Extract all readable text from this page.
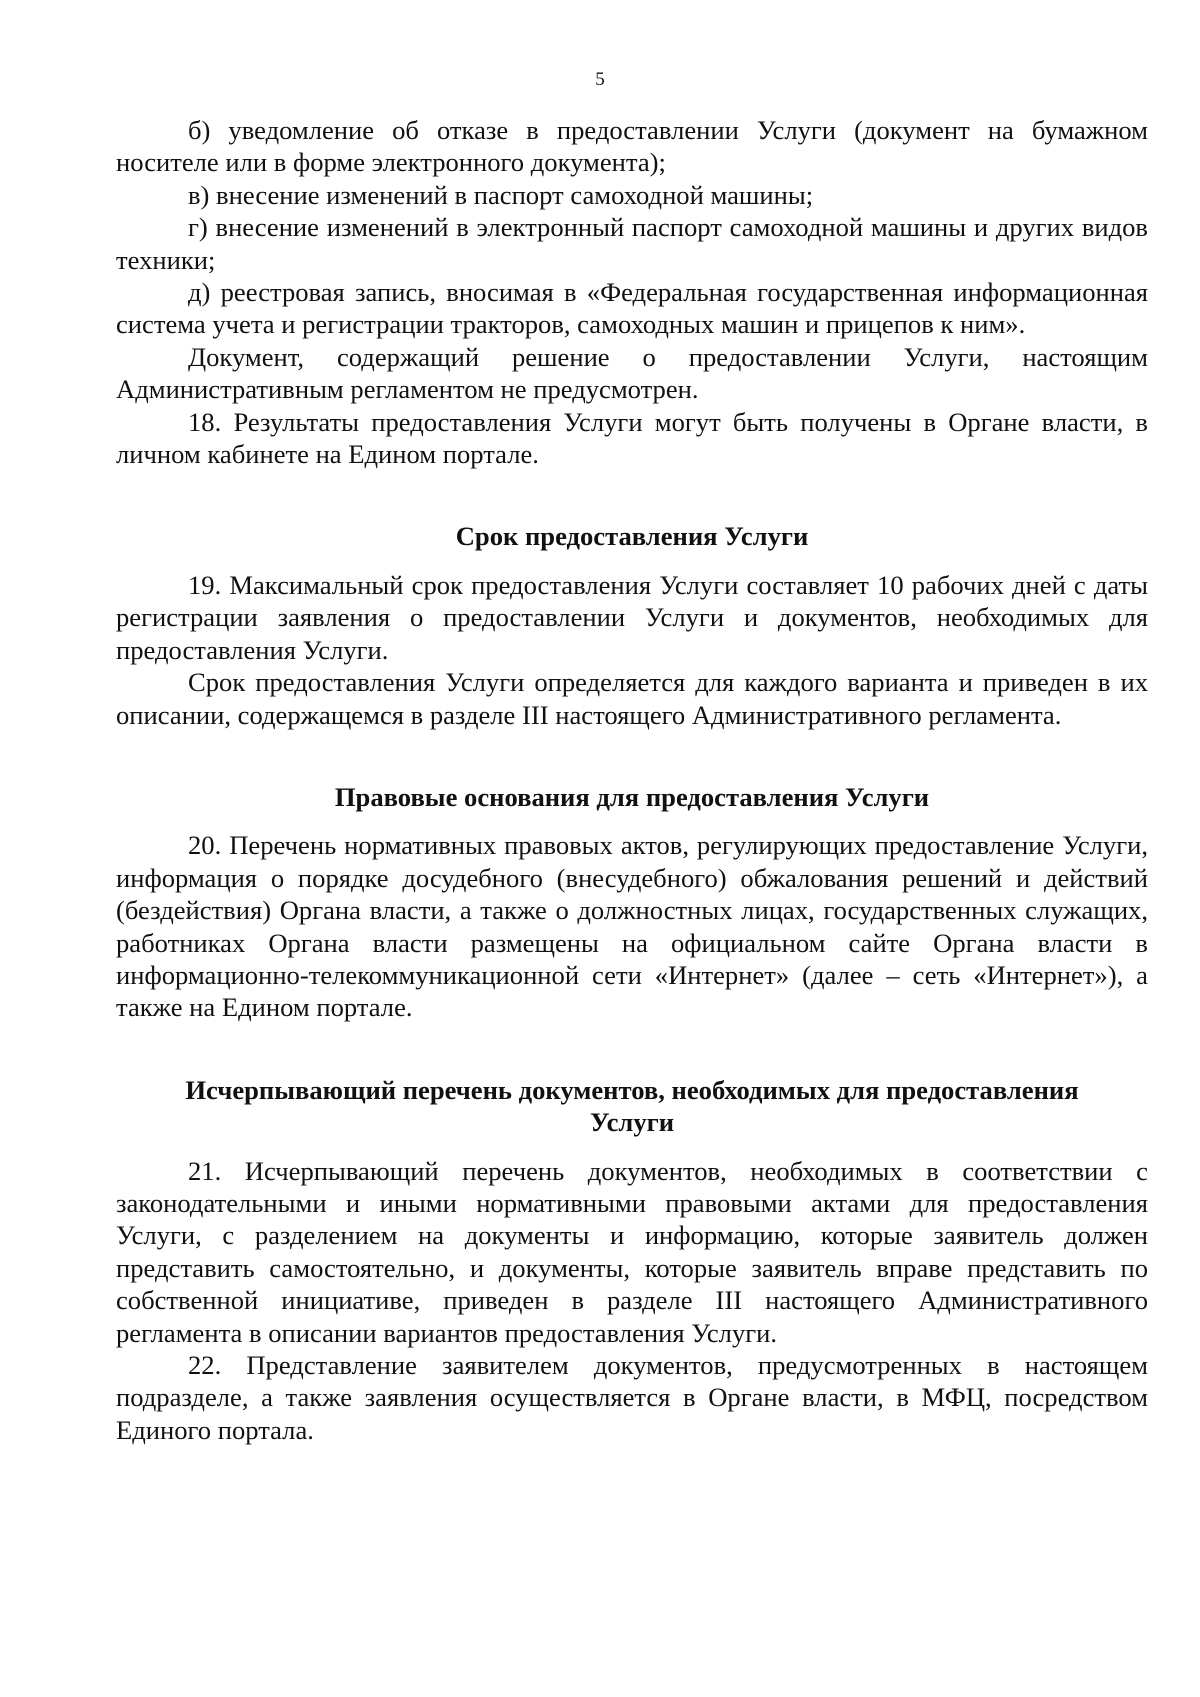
5

б) уведомление об отказе в предоставлении Услуги (документ на бумажном носителе или в форме электронного документа);

в) внесение изменений в паспорт самоходной машины;

г) внесение изменений в электронный паспорт самоходной машины и других видов техники;

д) реестровая запись, вносимая в «Федеральная государственная информационная система учета и регистрации тракторов, самоходных машин и прицепов к ним».

Документ, содержащий решение о предоставлении Услуги, настоящим Административным регламентом не предусмотрен.

18. Результаты предоставления Услуги могут быть получены в Органе власти, в личном кабинете на Едином портале.

Срок предоставления Услуги

19. Максимальный срок предоставления Услуги составляет 10 рабочих дней с даты регистрации заявления о предоставлении Услуги и документов, необходимых для предоставления Услуги.

Срок предоставления Услуги определяется для каждого варианта и приведен в их описании, содержащемся в разделе III настоящего Административного регламента.

Правовые основания для предоставления Услуги

20. Перечень нормативных правовых актов, регулирующих предоставление Услуги, информация о порядке досудебного (внесудебного) обжалования решений и действий (бездействия) Органа власти, а также о должностных лицах, государственных служащих, работниках Органа власти размещены на официальном сайте Органа власти в информационно-телекоммуникационной сети «Интернет» (далее – сеть «Интернет»), а также на Едином портале.

Исчерпывающий перечень документов, необходимых для предоставления

Услуги

21. Исчерпывающий перечень документов, необходимых в соответствии с законодательными и иными нормативными правовыми актами для предоставления Услуги, с разделением на документы и информацию, которые заявитель должен представить самостоятельно, и документы, которые заявитель вправе представить по собственной инициативе, приведен в разделе III настоящего Административного регламента в описании вариантов предоставления Услуги.

22. Представление заявителем документов, предусмотренных в настоящем подразделе, а также заявления осуществляется в Органе власти, в МФЦ, посредством Единого портала.
